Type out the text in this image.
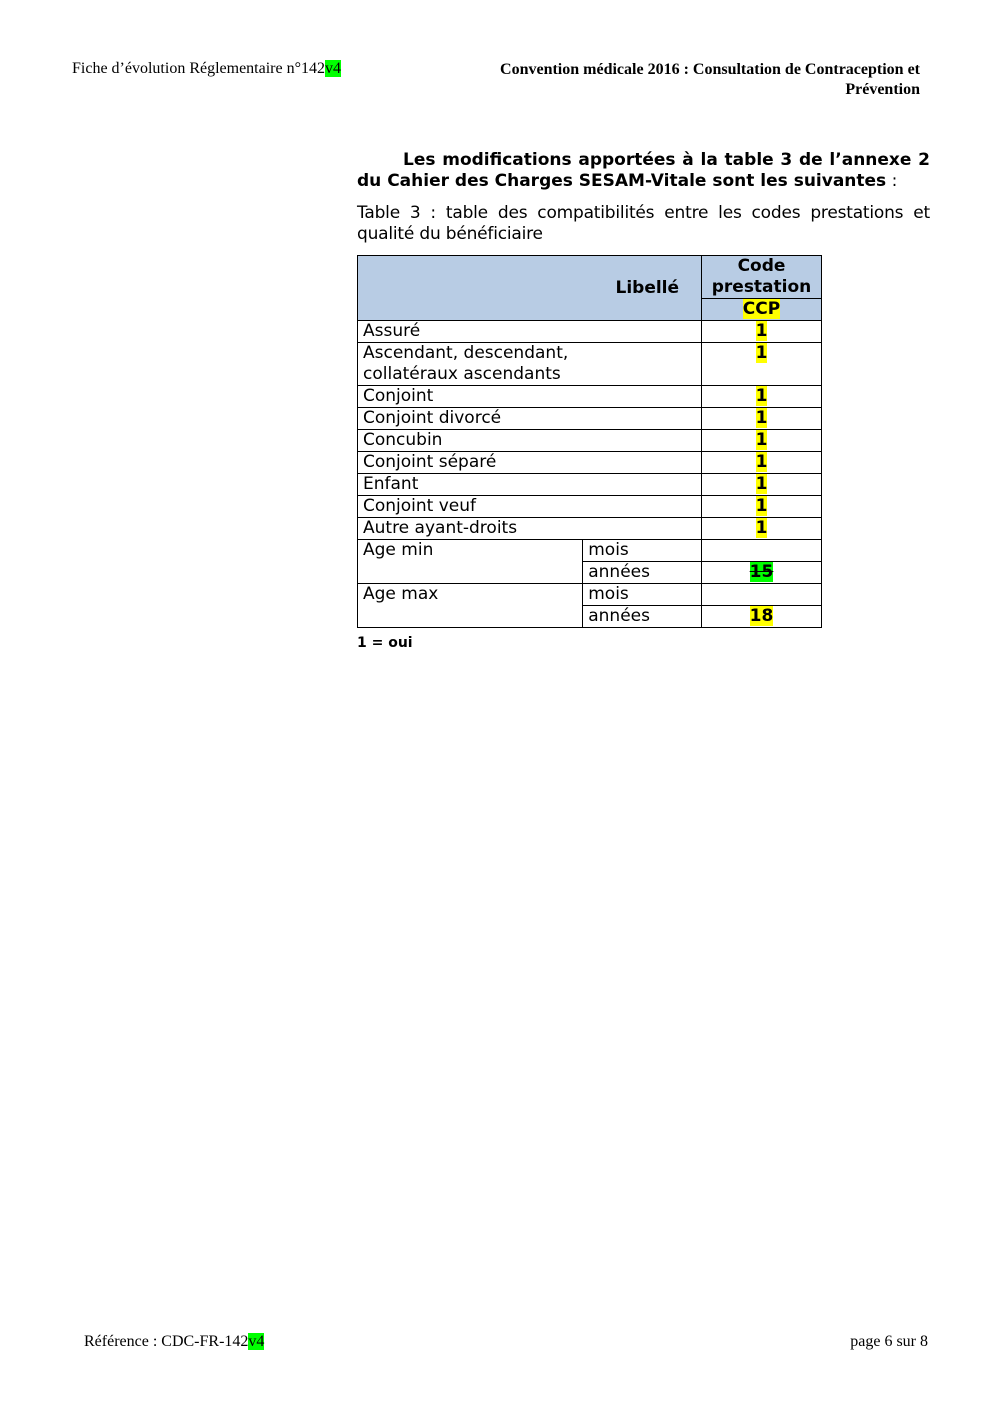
Fiche d’évolution Réglementaire n°142v4	Convention médicale 2016 : Consultation de Contraception et
Prévention
Les modifications apportées à la table 3 de l’annexe 2 du Cahier des Charges SESAM-Vitale sont les suivantes :
Table 3 : table des compatibilités entre les codes prestations et qualité du bénéficiaire
Libellé		Code prestation
		CCP
Assuré		1
Ascendant, descendant, collatéraux ascendants		1
Conjoint		1
Conjoint divorcé		1
Concubin		1
Conjoint séparé		1
Enfant		1
Conjoint veuf		1
Autre ayant-droits		1
Age min	mois	
	années	15
Age max	mois	
	années	18
1 = oui
Référence : CDC-FR-142v4	page 6 sur 8
